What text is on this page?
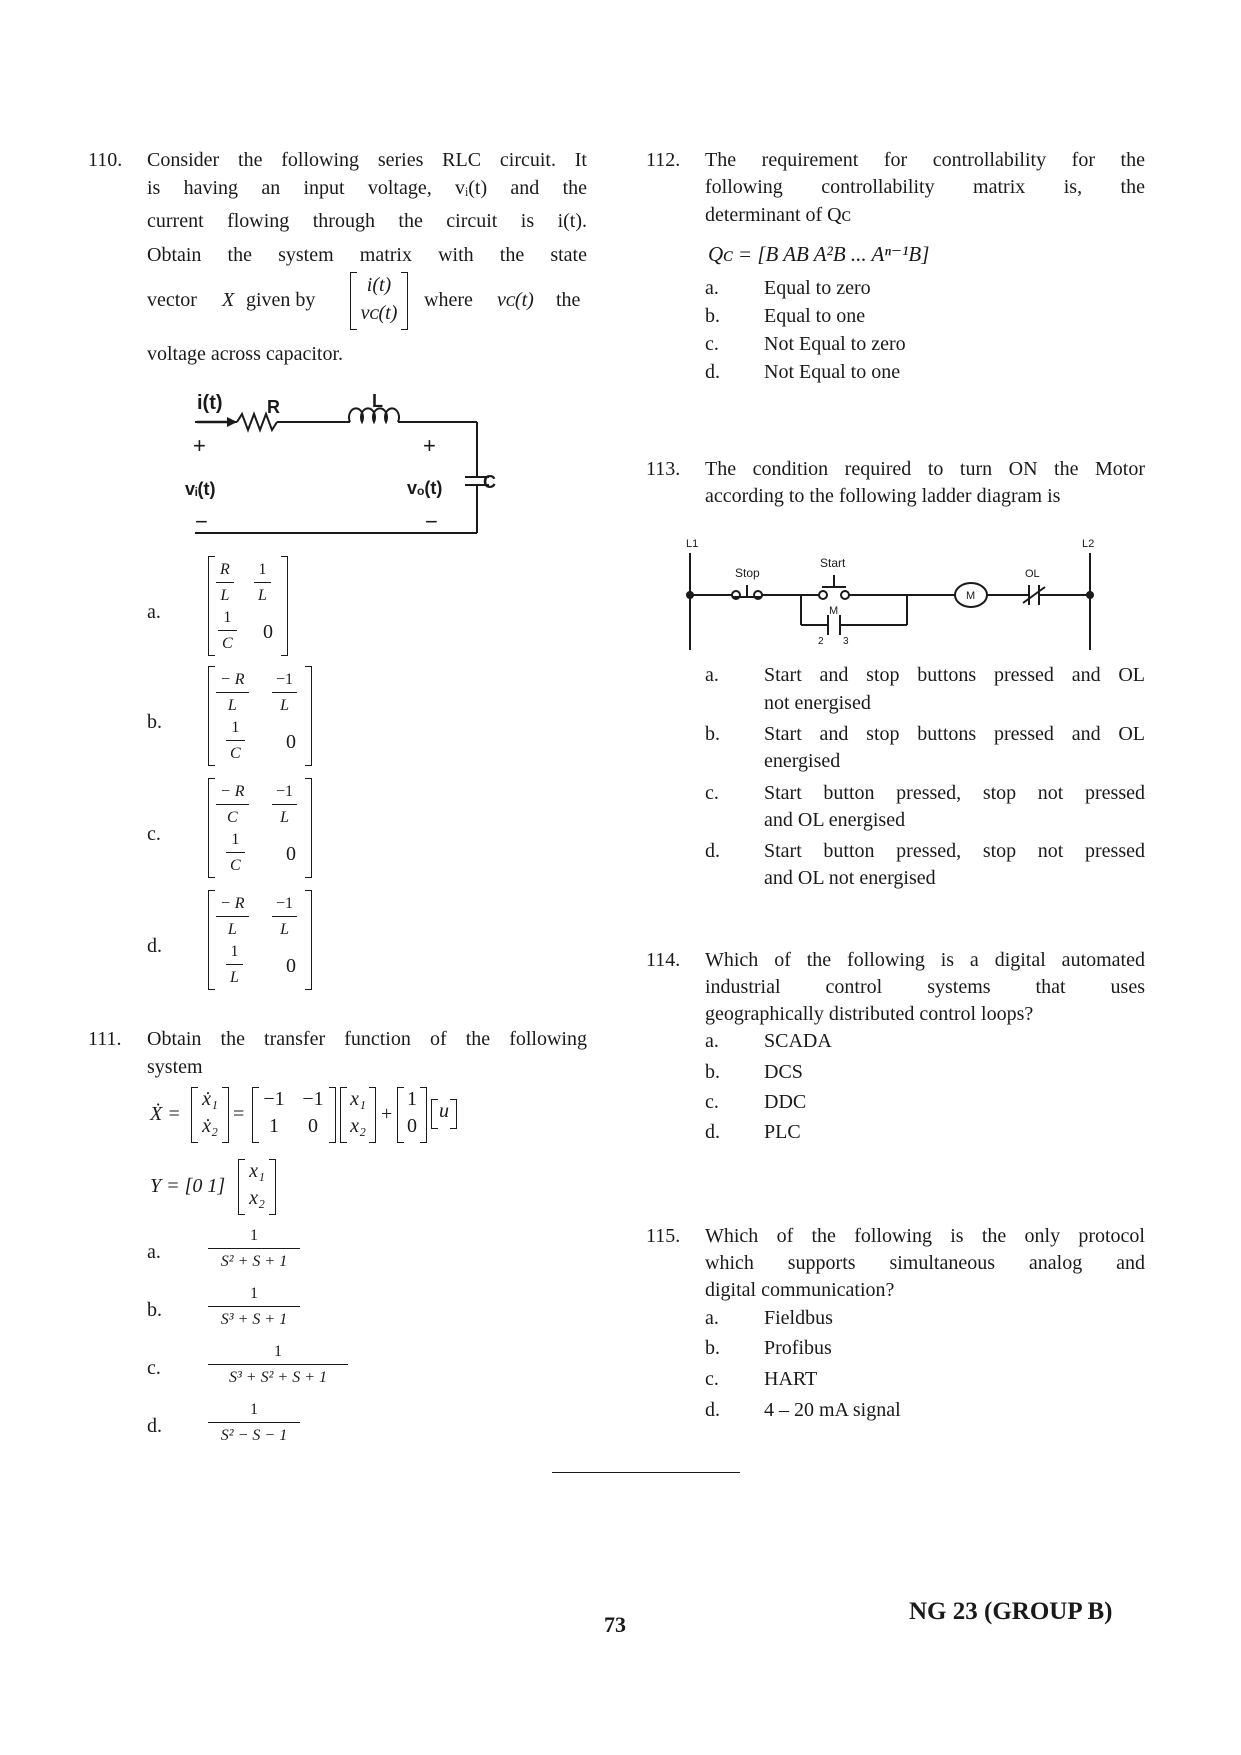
110. Consider the following series RLC circuit. It
is having an input voltage, vᵢ(t) and the
current flowing through the circuit is i(t).
Obtain the system matrix with the state
vector X given by
i(t)
vᴄ(t)
where vᴄ(t) the
voltage across capacitor.
i(t) R	L
C
+	+
vᵢ(t)	vₒ(t)
−	−
a.
$\frac{R}{L} \frac{1}{L}$
$\frac{1}{C} 0$
b.
$\frac{- R}{L} \frac{-1}{L}$
$\frac{1}{C} 0$
c.
$\frac{- R}{C} \frac{-1}{L}$
$\frac{1}{C} 0$
d.
$\frac{- R}{L} \frac{-1}{L}$
$\frac{1}{L} 0$
111. Obtain the transfer function of the following
system
Ẋ =
ẋ₁
ẋ₂
=
−1 −1
1	0
x₁
x₂
+
1
0
u
Y = [0 1]
x₁
x₂
a.	$\frac{1}{\text{S² + S + 1}}$
b.	$\frac{1}{\text{S³ + S + 1}}$
c.	$\frac{1}{\text{S³ + S² + S + 1}}$
d.	$\frac{1}{\text{S² − S − 1}}$
112. The requirement for controllability for the
following controllability matrix is, the
determinant of Qᴄ
Qᴄ = [B AB A²B ... Aⁿ⁻¹B]
a. Equal to zero
b. Equal to one
c. Not Equal to zero
d. Not Equal to one
113. The condition required to turn ON the Motor
according to the following ladder diagram is
L1	L2
Stop
Start
M
2 3
M
OL
a. Start and stop buttons pressed and OL
not energised
b. Start and stop buttons pressed and OL
energised
c. Start button pressed, stop not pressed
and OL energised
d. Start button pressed, stop not pressed
and OL not energised
114. Which of the following is a digital automated
industrial control systems that uses
geographically distributed control loops?
a. SCADA
b. DCS
c. DDC
d. PLC
115. Which of the following is the only protocol
which supports simultaneous analog and
digital communication?
a. Fieldbus
b. Profibus
c. HART
d. 4 – 20 mA signal
73	NG 23 (GROUP B)
